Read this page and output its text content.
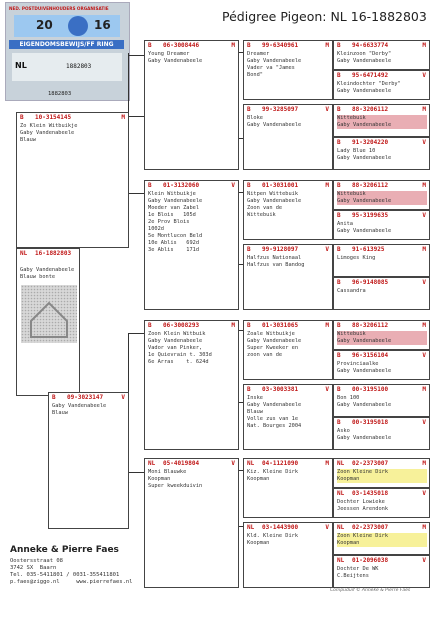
Pédigree Pigeon: NL 16-1882803
NED. POSTDUIVENHOUDERS ORGANISATIE
20	16
EIGENDOMSBEWIJS/FF RING
NL	1882803
1882803
NL 16-1882803
Gaby Vandenabeele
Blauw bonte
B 10-3154145	M
Zo Klein Witbuikje
Gaby Vandenabeele
Blauw
B 09-3023147	V
Gaby Vandenabeele
Blauw
B 06-3008446	M
Young Dreamer
Gaby Vandenabeele
B 01-3132060	V
Klein Witbuikje
Gaby Vandenabeele
Moeder van Zabel
1e Blois   105d
2e Prov Blois
1002d
5e Montlucon Beld
10e Ablis   692d
3e Ablis    171d
B 06-3008293	M
Zoon Klein Witbuik
Gaby Vandenabeele
Vador van Pinker,
1e Quievrain t. 303d
6e Arras    t. 624d
NL 05-4019804	V
Moni Blauwke
Koopman
Super kweekduivin
B 99-6340961	M
Dreamer
Gaby Vandenabeele
Vader va "James
Bond"
B 99-3285097	V
Bloke
Gaby Vandenabeele
B 01-3031001	M
Nitpen Wittebuik
Gaby Vandenabeele
Zoon van de
Wittebuik
B 99-9128097	V
Halfzus Nationaal
Halfzus van Bandog
B 01-3031065	M
Zoale Witbuikje
Gaby Vandenabeele
Super Kweeker en
zoon van de
B 03-3003381	V
Inske
Gaby Vandenabeele
Blauw
Volle zus van 1e
Nat. Bourges 2004
NL 04-1121090	M
Kiz. Kleine Dirk
Koopman
NL 03-1443900	V
Kld. Kleine Dirk
Koopman
B 94-6633774	M
Kleinzoon "Derby"
Gaby Vandenabeele
B 95-6471492	V
Kleindochter "Derby"
Gaby Vandenabeele
B 88-3206112	M
Wittebuik
Gaby Vandenabeele
B 91-3204220	V
Lady Blue 10
Gaby Vandenabeele
B 88-3206112	M
Wittebuik
Gaby Vandenabeele
B 95-3199635	V
Anita
Gaby Vandenabeele
B 91-613925	M
Limoges King
B 96-9148085	V
Cassandra
B 88-3206112	M
Wittebuik
Gaby Vandenabeele
B 96-3156104	V
Provinciaalke
Gaby Vandenabeele
B 00-3195100	M
Bon 100
Gaby Vandenabeele
B 00-3195018	V
Asko
Gaby Vandenabeele
NL 02-2373007	M
Zoon Kleine Dirk
Koopman
NL 03-1435018	V
Dochter Lowieke
Jeessen Arendonk
NL 02-2373007	M
Zoon Kleine Dirk
Koopman
NL 01-2096038	V
Dochter De WK
C.Beijtens
Anneke & Pierre Faes
Oostersstraat 08
3742 SX  Baarn
Tel. 035-5411801 / 0031-355411801
p.faes@ziggo.nl     www.pierrefaes.nl
Compuduif © Anneke & Pierre Faes
